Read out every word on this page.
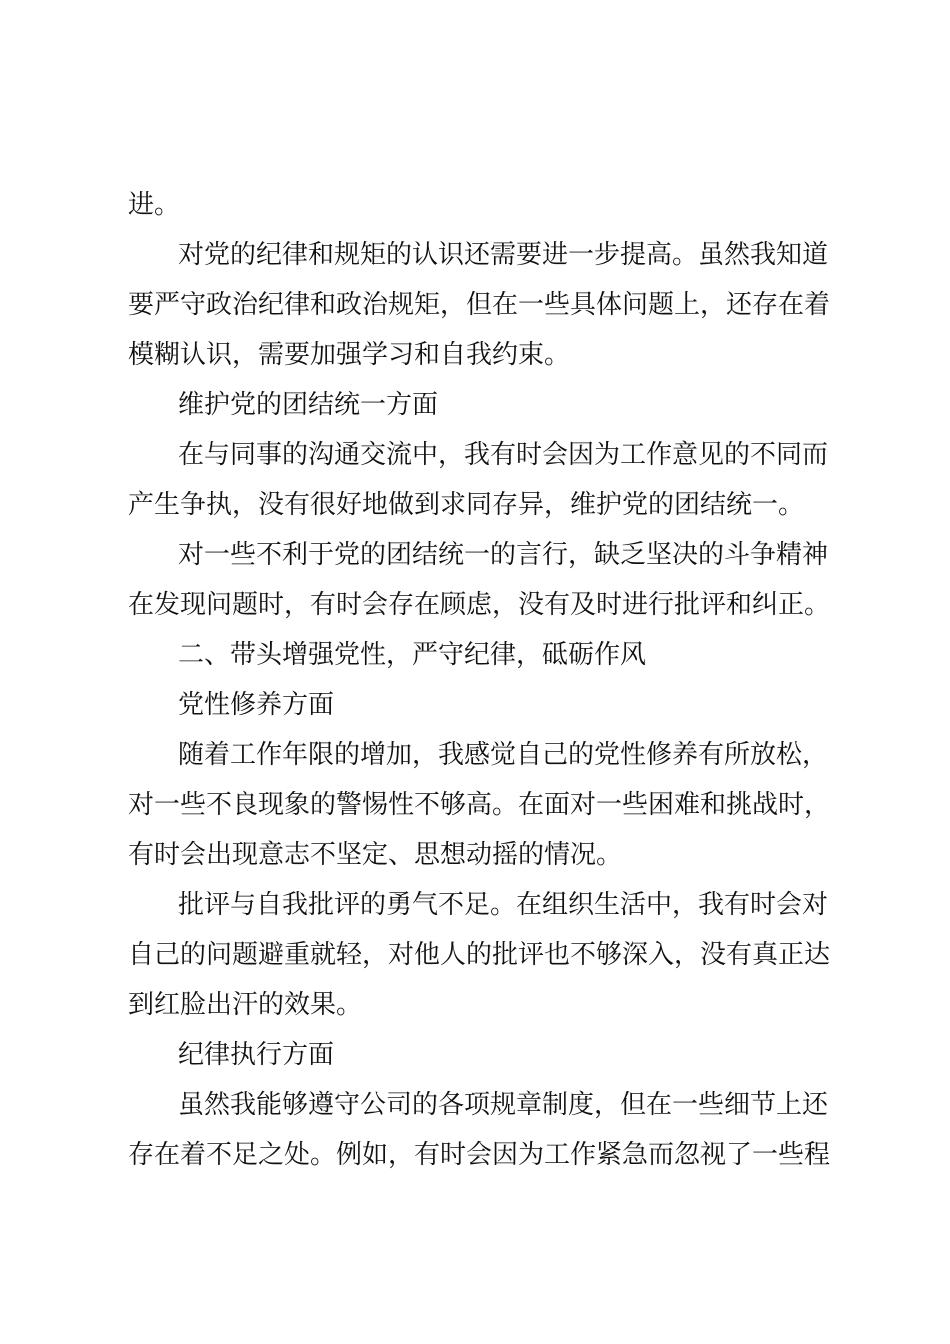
进。
对党的纪律和规矩的认识还需要进一步提高。虽然我知道
要严守政治纪律和政治规矩，但在一些具体问题上，还存在着
模糊认识，需要加强学习和自我约束。
维护党的团结统一方面
在与同事的沟通交流中，我有时会因为工作意见的不同而
产生争执，没有很好地做到求同存异，维护党的团结统一。
对一些不利于党的团结统一的言行，缺乏坚决的斗争精神
在发现问题时，有时会存在顾虑，没有及时进行批评和纠正。
二、带头增强党性，严守纪律，砥砺作风
党性修养方面
随着工作年限的增加，我感觉自己的党性修养有所放松，
对一些不良现象的警惕性不够高。在面对一些困难和挑战时，
有时会出现意志不坚定、思想动摇的情况。
批评与自我批评的勇气不足。在组织生活中，我有时会对
自己的问题避重就轻，对他人的批评也不够深入，没有真正达
到红脸出汗的效果。
纪律执行方面
虽然我能够遵守公司的各项规章制度，但在一些细节上还
存在着不足之处。例如，有时会因为工作紧急而忽视了一些程
